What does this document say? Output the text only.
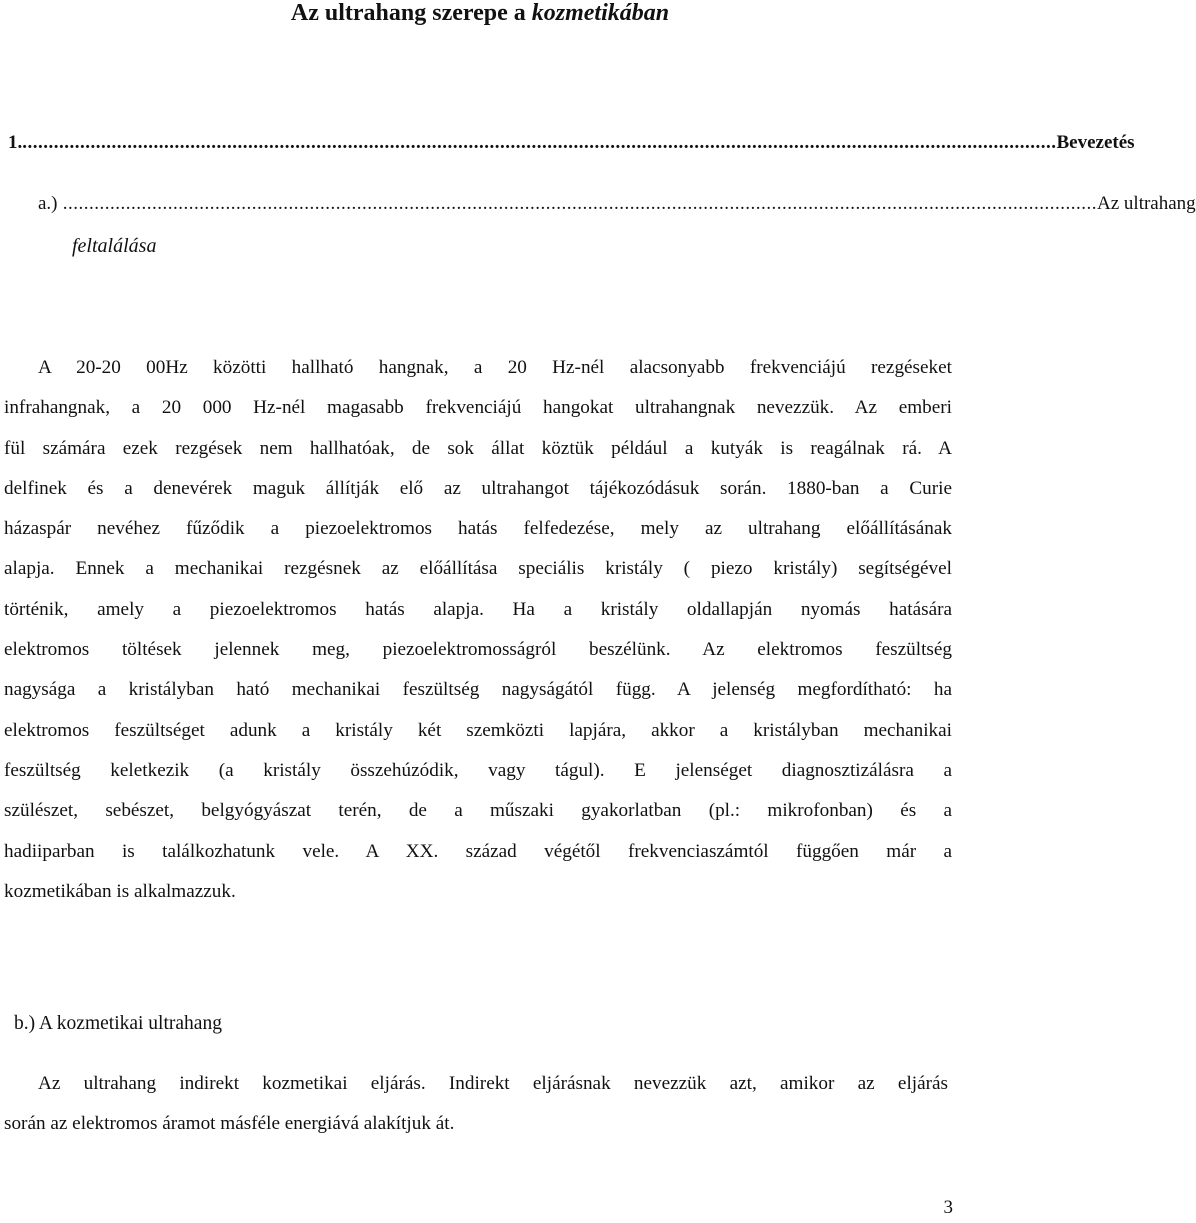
Az ultrahang szerepe a kozmetikában
1. ..................................................................................................................................................................................................... Bevezetés
a.) ..................................................................................................................................................................................................... Az ultrahang
feltalálása
A 20-20 00Hz közötti hallható hangnak, a 20 Hz-nél alacsonyabb frekvenciájú rezgéseket
infrahangnak, a 20 000 Hz-nél magasabb frekvenciájú hangokat ultrahangnak nevezzük. Az emberi
fül számára ezek rezgések nem hallhatóak, de sok állat köztük például a kutyák is reagálnak rá. A
delfinek és a denevérek maguk állítják elő az ultrahangot tájékozódásuk során. 1880-ban a Curie
házaspár nevéhez fűződik a piezoelektromos hatás felfedezése, mely az ultrahang előállításának
alapja. Ennek a mechanikai rezgésnek az előállítása speciális kristály ( piezo kristály) segítségével
történik, amely a piezoelektromos hatás alapja. Ha a kristály oldallapján nyomás hatására
elektromos töltések jelennek meg, piezoelektromosságról beszélünk. Az elektromos feszültség
nagysága a kristályban ható mechanikai feszültség nagyságától függ. A jelenség megfordítható: ha
elektromos feszültséget adunk a kristály két szemközti lapjára, akkor a kristályban mechanikai
feszültség keletkezik (a kristály összehúzódik, vagy tágul). E jelenséget diagnosztizálásra a
szülészet, sebészet, belgyógyászat terén, de a műszaki gyakorlatban (pl.: mikrofonban) és a
hadiiparban is találkozhatunk vele. A XX. század végétől frekvenciaszámtól függően már a
kozmetikában is alkalmazzuk.
b.) A kozmetikai ultrahang
Az ultrahang indirekt kozmetikai eljárás. Indirekt eljárásnak nevezzük azt, amikor az eljárás
során az elektromos áramot másféle energiává alakítjuk át.
3
